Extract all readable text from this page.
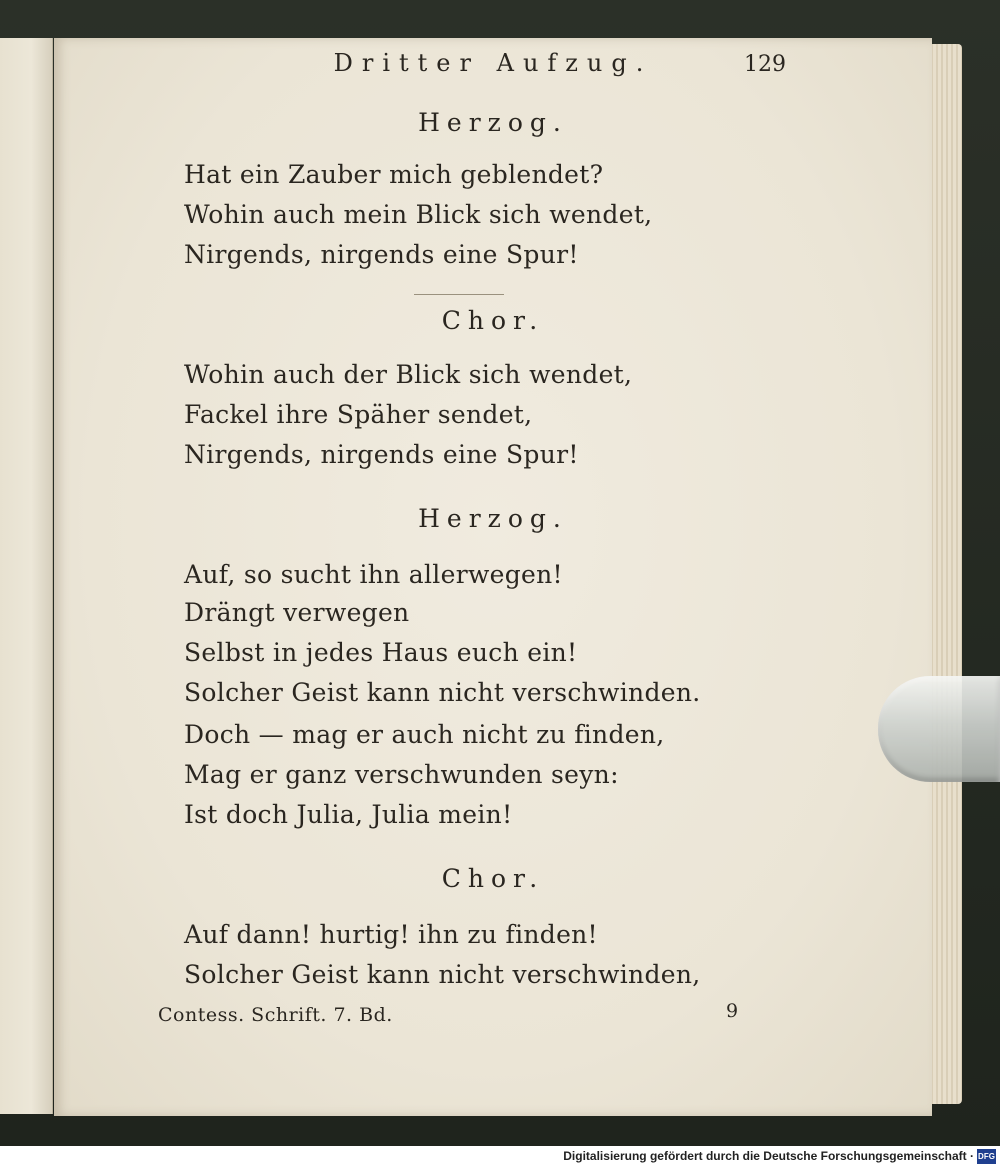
Dritter Aufzug.	129
Herzog.
Hat ein Zauber mich geblendet?
Wohin auch mein Blick sich wendet,
Nirgends, nirgends eine Spur!
Chor.
Wohin auch der Blick sich wendet,
Fackel ihre Späher sendet,
Nirgends, nirgends eine Spur!
Herzog.
Auf, so sucht ihn allerwegen!
Drängt verwegen
Selbst in jedes Haus euch ein!
Solcher Geist kann nicht verschwinden.
Doch — mag er auch nicht zu finden,
Mag er ganz verschwunden seyn:
Ist doch Julia, Julia mein!
Chor.
Auf dann! hurtig! ihn zu finden!
Solcher Geist kann nicht verschwinden,
Contess. Schrift. 7. Bd.	9
Digitalisierung gefördert durch die Deutsche Forschungsgemeinschaft · DFG
